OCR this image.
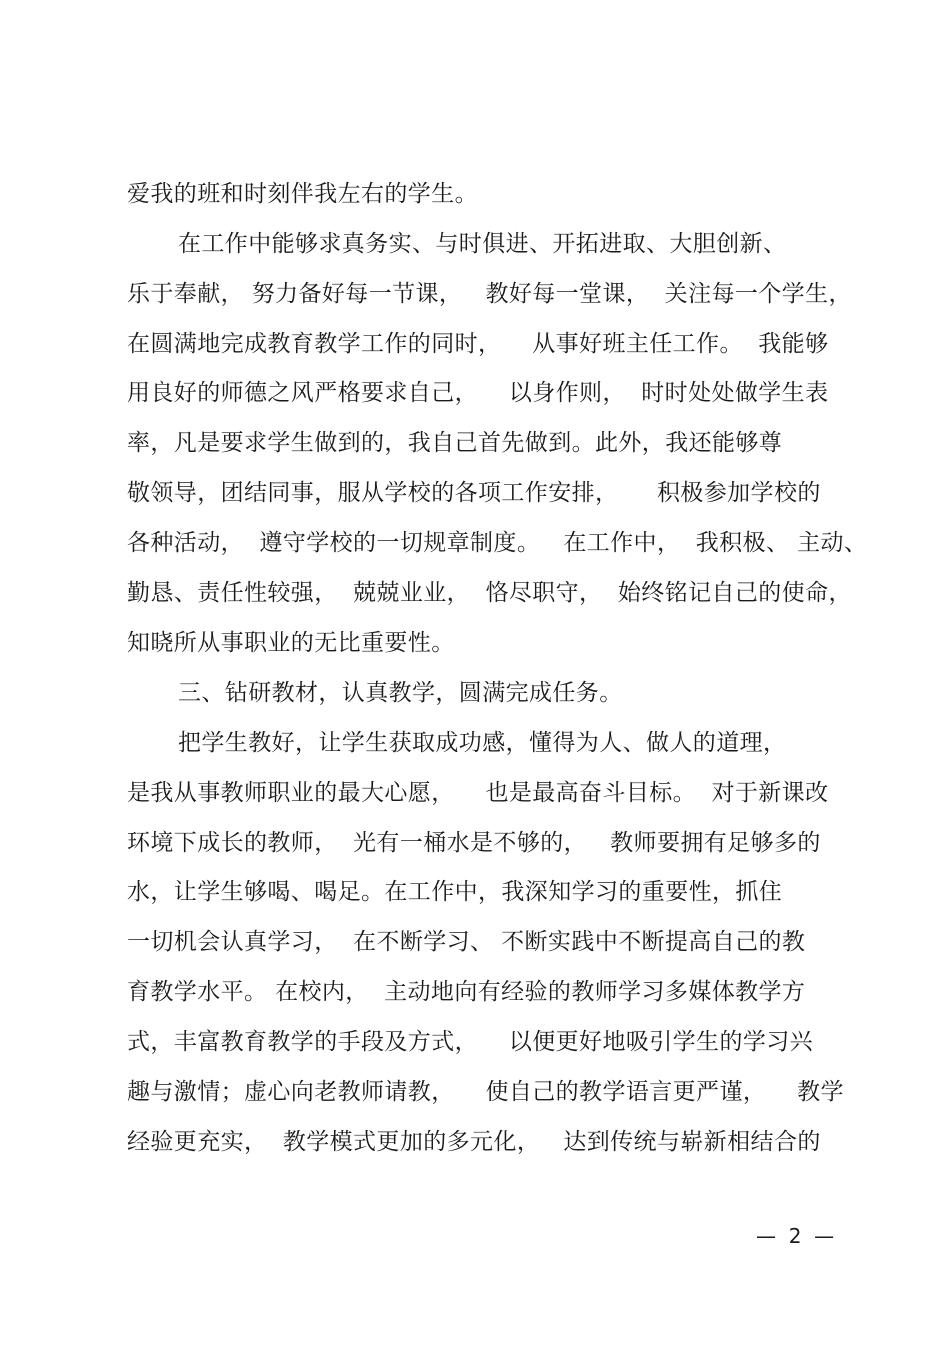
爱我的班和时刻伴我左右的学生。
在工作中能够求真务实、与时俱进、开拓进取、大胆创新、
乐于奉献， 努力备好每一节课，   教好每一堂课，  关注每一个学生，
在圆满地完成教育教学工作的同时，    从事好班主任工作。  我能够
用良好的师德之风严格要求自己，    以身作则，  时时处处做学生表
率，凡是要求学生做到的，我自己首先做到。此外，我还能够尊
敬领导，团结同事，服从学校的各项工作安排，     积极参加学校的
各种活动，  遵守学校的一切规章制度。   在工作中，  我积极、 主动、
勤恳、责任性较强，  兢兢业业，  恪尽职守，  始终铭记自己的使命，
知晓所从事职业的无比重要性。
三、钻研教材，认真教学，圆满完成任务。
把学生教好，让学生获取成功感，懂得为人、做人的道理，
是我从事教师职业的最大心愿，    也是最高奋斗目标。  对于新课改
环境下成长的教师，  光有一桶水是不够的，   教师要拥有足够多的
水，让学生够喝、喝足。在工作中，我深知学习的重要性，抓住
一切机会认真学习，  在不断学习、 不断实践中不断提高自己的教
育教学水平。 在校内，  主动地向有经验的教师学习多媒体教学方
式，丰富教育教学的手段及方式，    以便更好地吸引学生的学习兴
趣与激情；虚心向老教师请教，    使自己的教学语言更严谨，    教学
经验更充实，  教学模式更加的多元化，   达到传统与崭新相结合的
—  2  —
